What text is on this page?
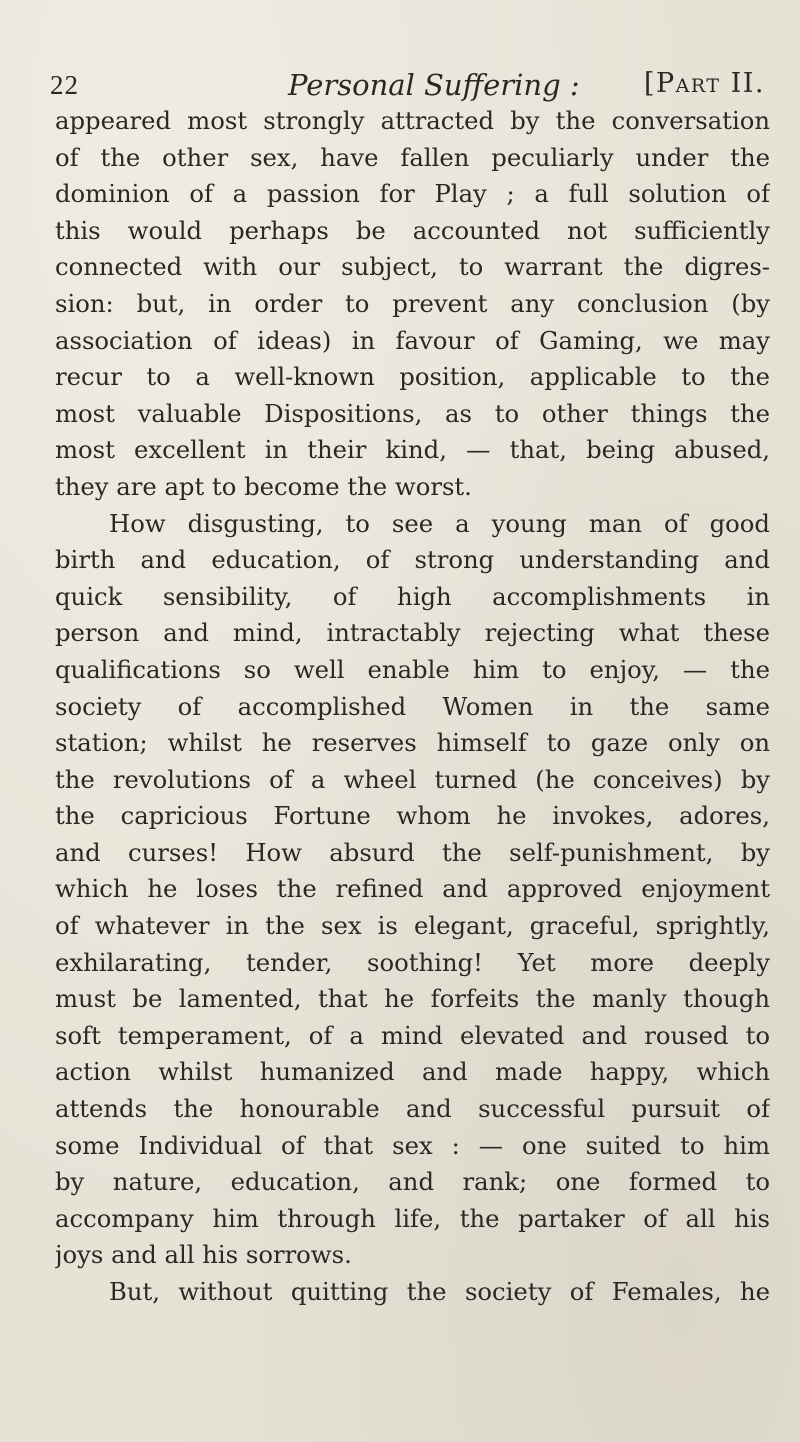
22	Personal Suffering : [Part II.
appeared most strongly attracted by the conversation
of the other sex, have fallen peculiarly under the
dominion of a passion for Play ; a full solution of
this would perhaps be accounted not sufficiently
connected with our subject, to warrant the digres-
sion: but, in order to prevent any conclusion (by
association of ideas) in favour of Gaming, we may
recur to a well-known position, applicable to the
most valuable Dispositions, as to other things the
most excellent in their kind, — that, being abused,
they are apt to become the worst.
How disgusting, to see a young man of good
birth and education, of strong understanding and
quick sensibility, of high accomplishments in
person and mind, intractably rejecting what these
qualifications so well enable him to enjoy, — the
society of accomplished Women in the same
station; whilst he reserves himself to gaze only on
the revolutions of a wheel turned (he conceives) by
the capricious Fortune whom he invokes, adores,
and curses! How absurd the self-punishment, by
which he loses the refined and approved enjoyment
of whatever in the sex is elegant, graceful, sprightly,
exhilarating, tender, soothing! Yet more deeply
must be lamented, that he forfeits the manly though
soft temperament, of a mind elevated and roused to
action whilst humanized and made happy, which
attends the honourable and successful pursuit of
some Individual of that sex : — one suited to him
by nature, education, and rank; one formed to
accompany him through life, the partaker of all his
joys and all his sorrows.
But, without quitting the society of Females, he
